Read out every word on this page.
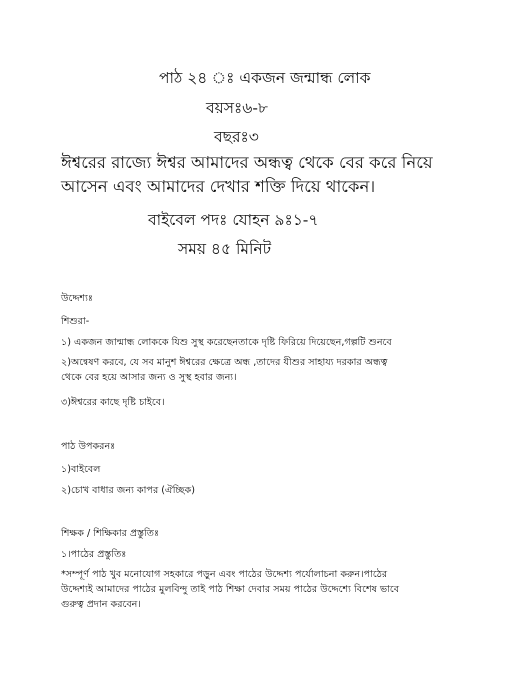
পাঠ ২৪ ঃ একজন জন্মান্ধ লোক
বয়সঃ৬-৮
বছরঃ৩
ঈশ্বরের রাজ্যে ঈশ্বর আমাদের অন্ধত্ব থেকে বের করে নিয়ে
আসেন এবং আমাদের দেখার শক্তি দিয়ে থাকেন।
বাইবেল পদঃ যোহন ৯ঃ১-৭
সময় ৪৫ মিনিট
উদ্দেশ্যঃ
শিশুরা-
১) একজন জান্মান্ধ লোককে যিশু সুস্থ করেছেনতাকে দৃষ্টি ফিরিয়ে দিয়েছেন,গল্পটি শুনবে
২)অন্বেষণ করবে, যে সব মানুশ ঈশ্বরের ক্ষেত্রে অন্ধ ,তাদের যীশুর সাহায্য দরকার অন্ধত্ব
থেকে বের হয়ে আসার জন্য ও সুস্থ হবার জন্য।
৩)ঈশ্বরের কাছে দৃষ্টি চাইবে।
পাঠ উপকরনঃ
১)বাইবেল
২)চোখ বাধার জন্য কাপর (ঐচ্ছিক)
শিক্ষক / শিক্ষিকার প্রস্তুতিঃ
১।পাঠের প্রস্তুতিঃ
*সম্পূর্ণ পাঠ খুব মনোযোগ সহকারে পড়ুন এবং পাঠের উদ্দেশ্য পর্যোলাচনা করুন।পাঠের
উদ্দেশ্যই আমাদের পাঠের মুলবিন্দু তাই পাঠ শিক্ষা দেবার সময় পাঠের উদ্দেশ্যে বিশেষ ভাবে
গুরুত্ব প্রদান করবেন।
